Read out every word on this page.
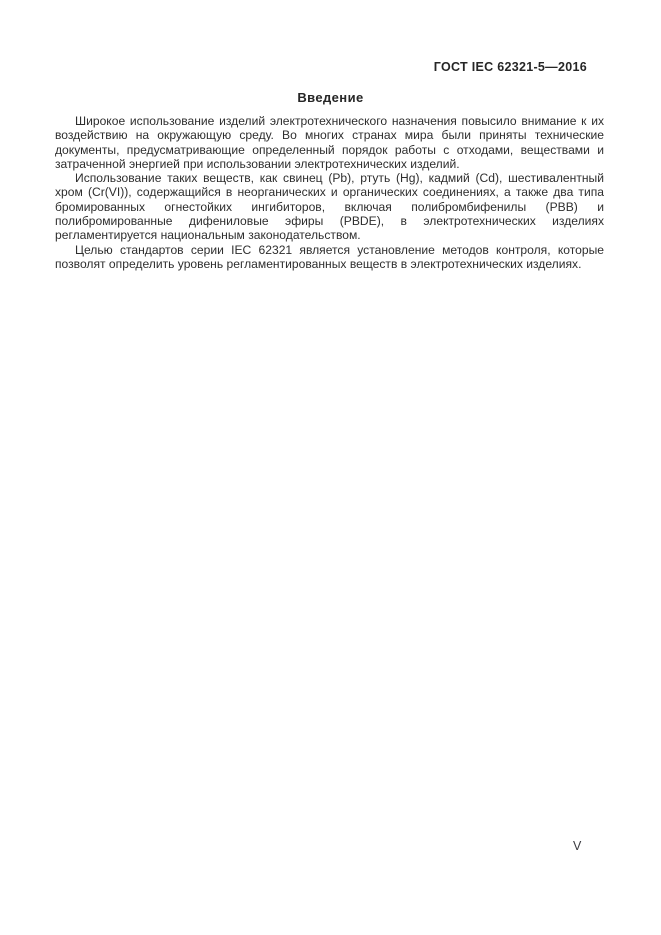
ГОСТ IEC 62321-5—2016
Введение

Широкое использование изделий электротехнического назначения повысило внимание к их воздействию на окружающую среду. Во многих странах мира были приняты технические документы, предусматривающие определенный порядок работы с отходами, веществами и затраченной энергией при использовании электротехнических изделий.

Использование таких веществ, как свинец (Pb), ртуть (Hg), кадмий (Cd), шестивалентный хром (Cr(VI)), содержащийся в неорганических и органических соединениях, а также два типа бромированных огнестойких ингибиторов, включая полибромбифенилы (PBB) и полибромированные дифениловые эфиры (PBDE), в электротехнических изделиях регламентируется национальным законодательством.

Целью стандартов серии IEC 62321 является установление методов контроля, которые позволят определить уровень регламентированных веществ в электротехнических изделиях.

V
